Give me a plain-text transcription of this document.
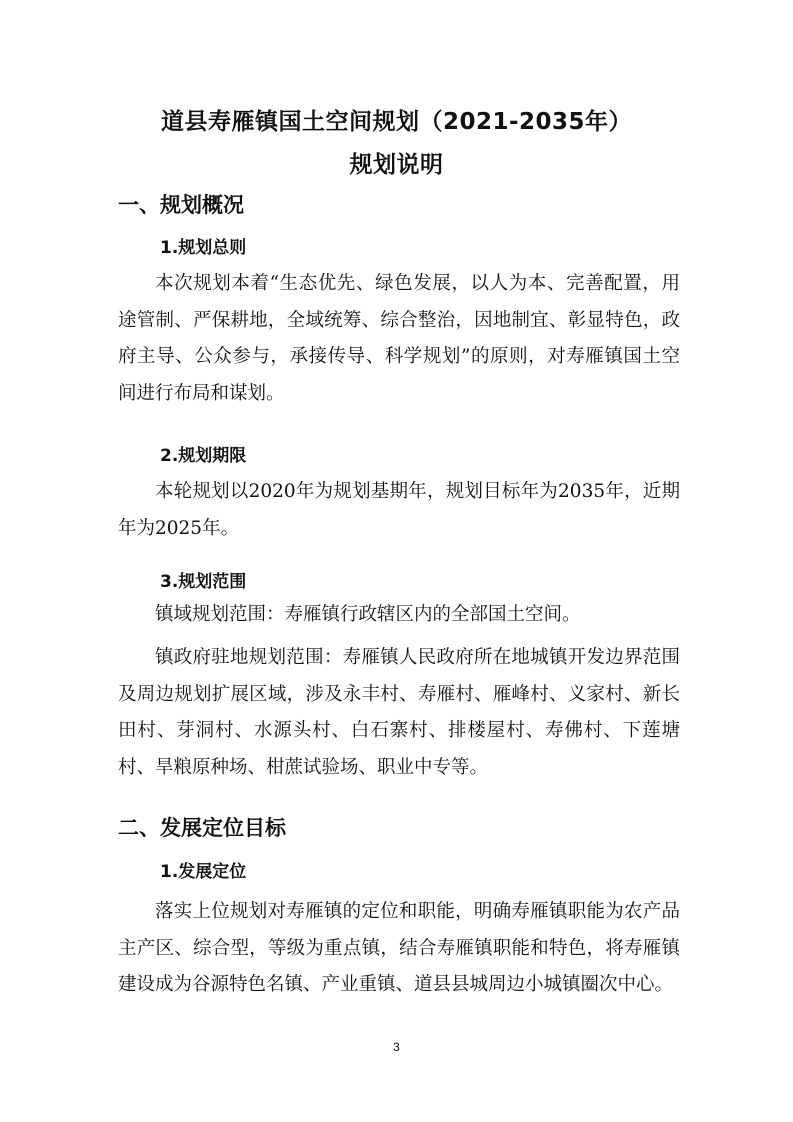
道县寿雁镇国土空间规划（2021-2035年）
规划说明
一、规划概况
1.规划总则

本次规划本着“生态优先、绿色发展，以人为本、完善配置，用途管制、严保耕地，全域统筹、综合整治，因地制宜、彰显特色，政府主导、公众参与，承接传导、科学规划”的原则，对寿雁镇国土空间进行布局和谋划。

2.规划期限

本轮规划以2020年为规划基期年，规划目标年为2035年，近期年为2025年。

3.规划范围

镇域规划范围：寿雁镇行政辖区内的全部国土空间。

镇政府驻地规划范围：寿雁镇人民政府所在地城镇开发边界范围及周边规划扩展区域，涉及永丰村、寿雁村、雁峰村、义家村、新长田村、芽洞村、水源头村、白石寨村、排楼屋村、寿佛村、下莲塘村、旱粮原种场、柑蔗试验场、职业中专等。

二、发展定位目标
1.发展定位

落实上位规划对寿雁镇的定位和职能，明确寿雁镇职能为农产品主产区、综合型，等级为重点镇，结合寿雁镇职能和特色，将寿雁镇建设成为谷源特色名镇、产业重镇、道县县城周边小城镇圈次中心。

3
